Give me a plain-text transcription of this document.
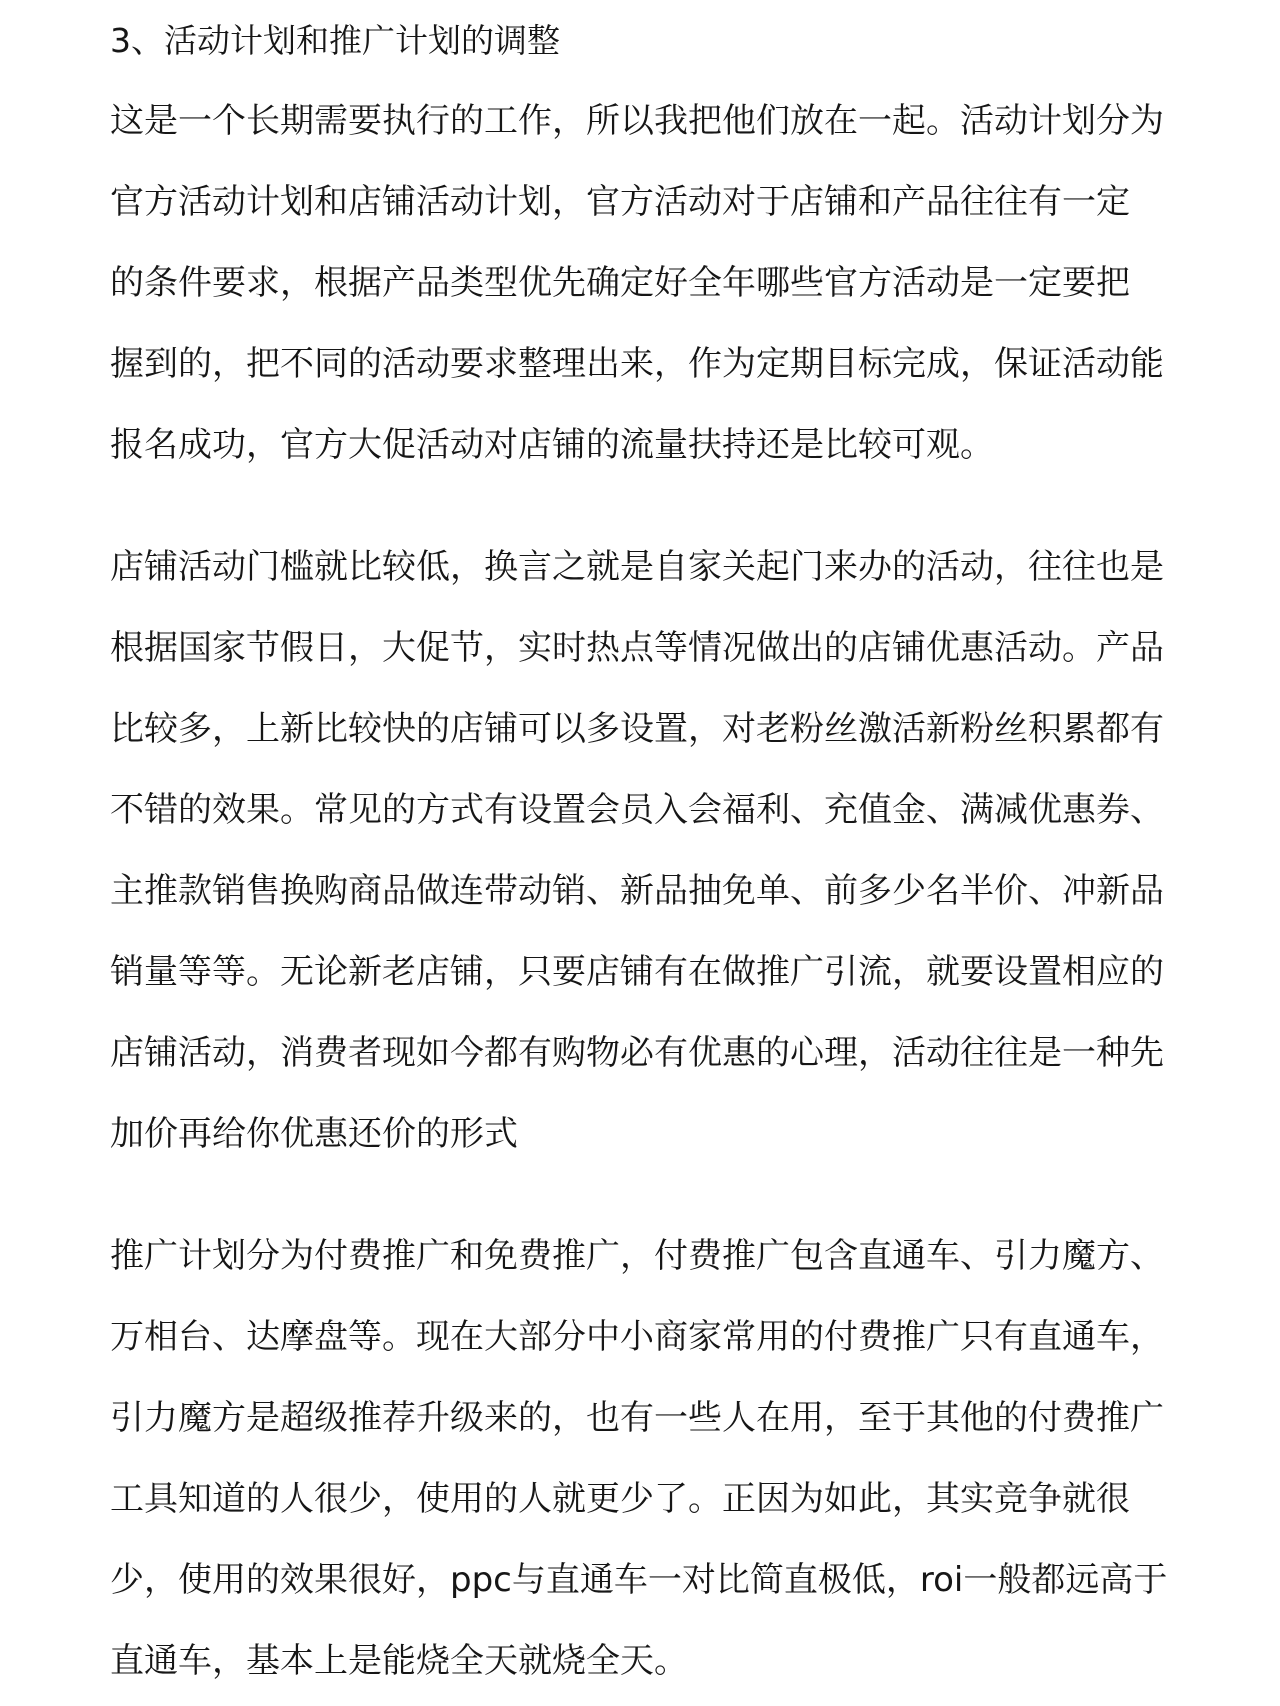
3、活动计划和推广计划的调整
这是一个长期需要执行的工作，所以我把他们放在一起。活动计划分为
官方活动计划和店铺活动计划，官方活动对于店铺和产品往往有一定
的条件要求，根据产品类型优先确定好全年哪些官方活动是一定要把
握到的，把不同的活动要求整理出来，作为定期目标完成，保证活动能
报名成功，官方大促活动对店铺的流量扶持还是比较可观。
店铺活动门槛就比较低，换言之就是自家关起门来办的活动，往往也是
根据国家节假日，大促节，实时热点等情况做出的店铺优惠活动。产品
比较多，上新比较快的店铺可以多设置，对老粉丝激活新粉丝积累都有
不错的效果。常见的方式有设置会员入会福利、充值金、满减优惠券、
主推款销售换购商品做连带动销、新品抽免单、前多少名半价、冲新品
销量等等。无论新老店铺，只要店铺有在做推广引流，就要设置相应的
店铺活动，消费者现如今都有购物必有优惠的心理，活动往往是一种先
加价再给你优惠还价的形式
推广计划分为付费推广和免费推广，付费推广包含直通车、引力魔方、
万相台、达摩盘等。现在大部分中小商家常用的付费推广只有直通车，
引力魔方是超级推荐升级来的，也有一些人在用，至于其他的付费推广
工具知道的人很少，使用的人就更少了。正因为如此，其实竞争就很
少，使用的效果很好，ppc与直通车一对比简直极低，roi一般都远高于
直通车，基本上是能烧全天就烧全天。
